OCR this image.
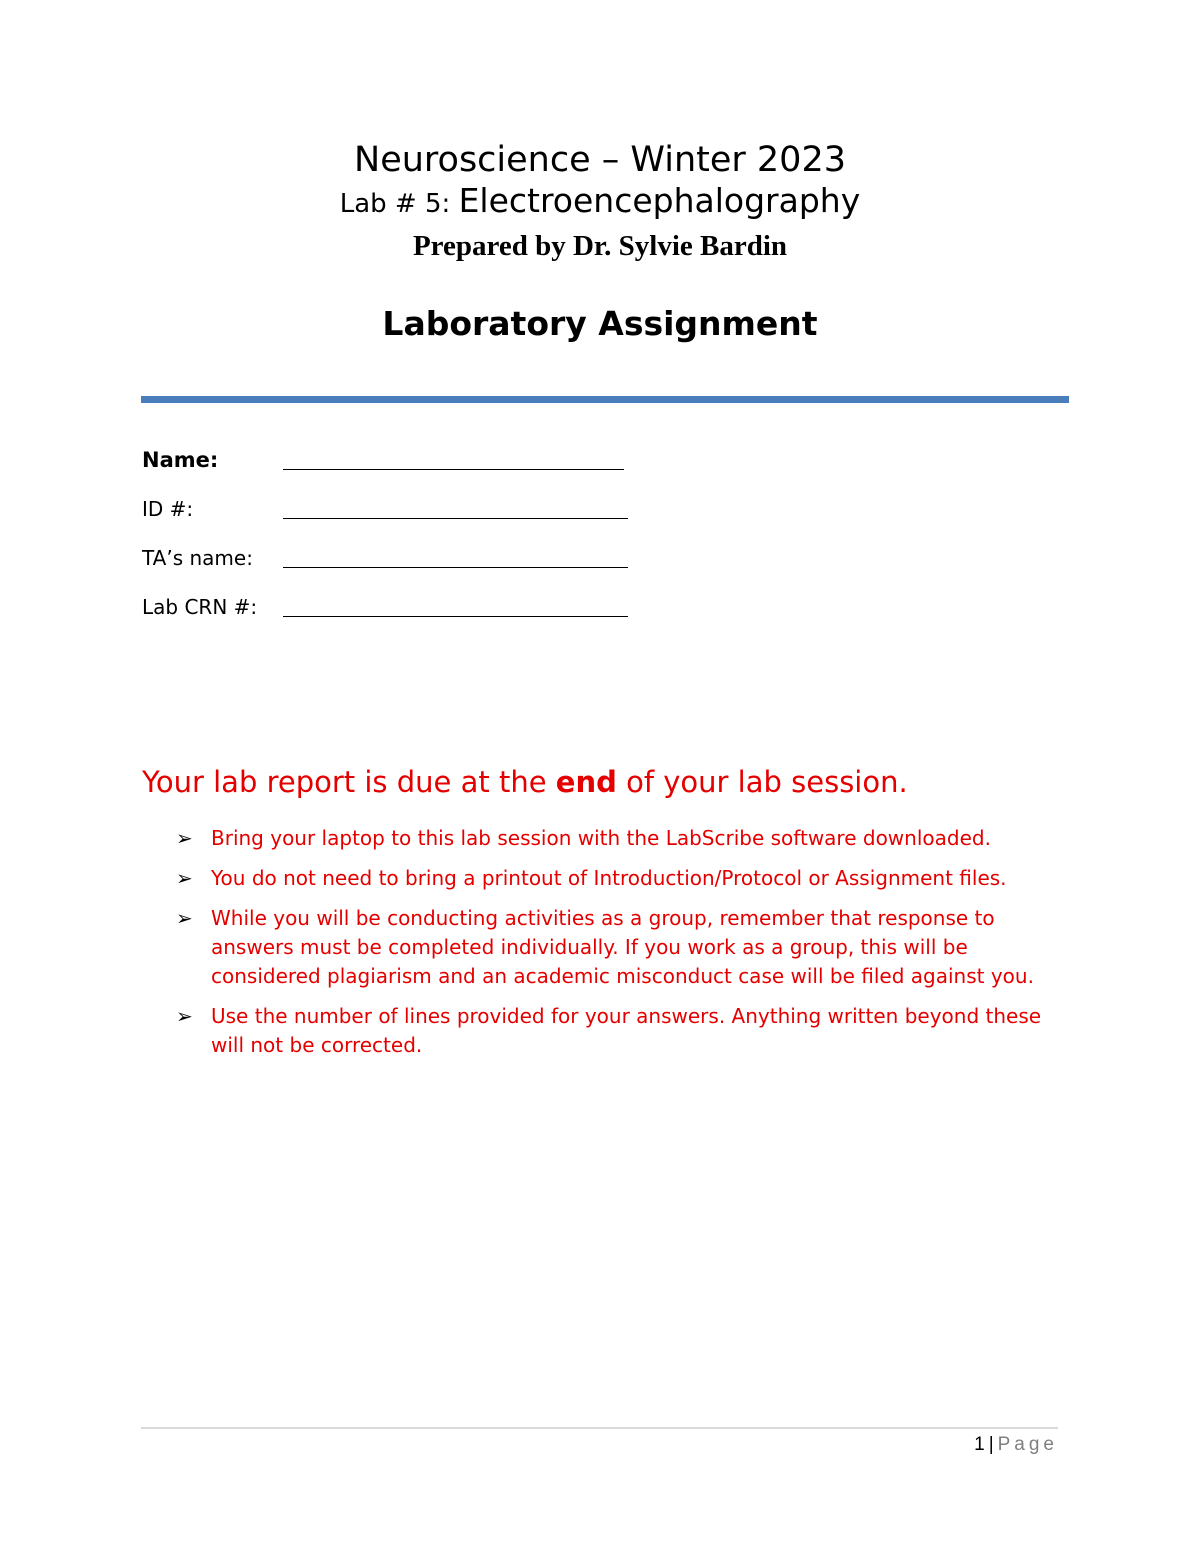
Neuroscience – Winter 2023
Lab # 5: Electroencephalography
Prepared by Dr. Sylvie Bardin
Laboratory Assignment
Name:
ID #:
TA’s name:
Lab CRN #:
Your lab report is due at the end of your lab session.
➢ Bring your laptop to this lab session with the LabScribe software downloaded.
➢ You do not need to bring a printout of Introduction/Protocol or Assignment files.
➢ While you will be conducting activities as a group, remember that response to answers must be completed individually. If you work as a group, this will be considered plagiarism and an academic misconduct case will be filed against you.
➢ Use the number of lines provided for your answers. Anything written beyond these will not be corrected.
1 | Page
